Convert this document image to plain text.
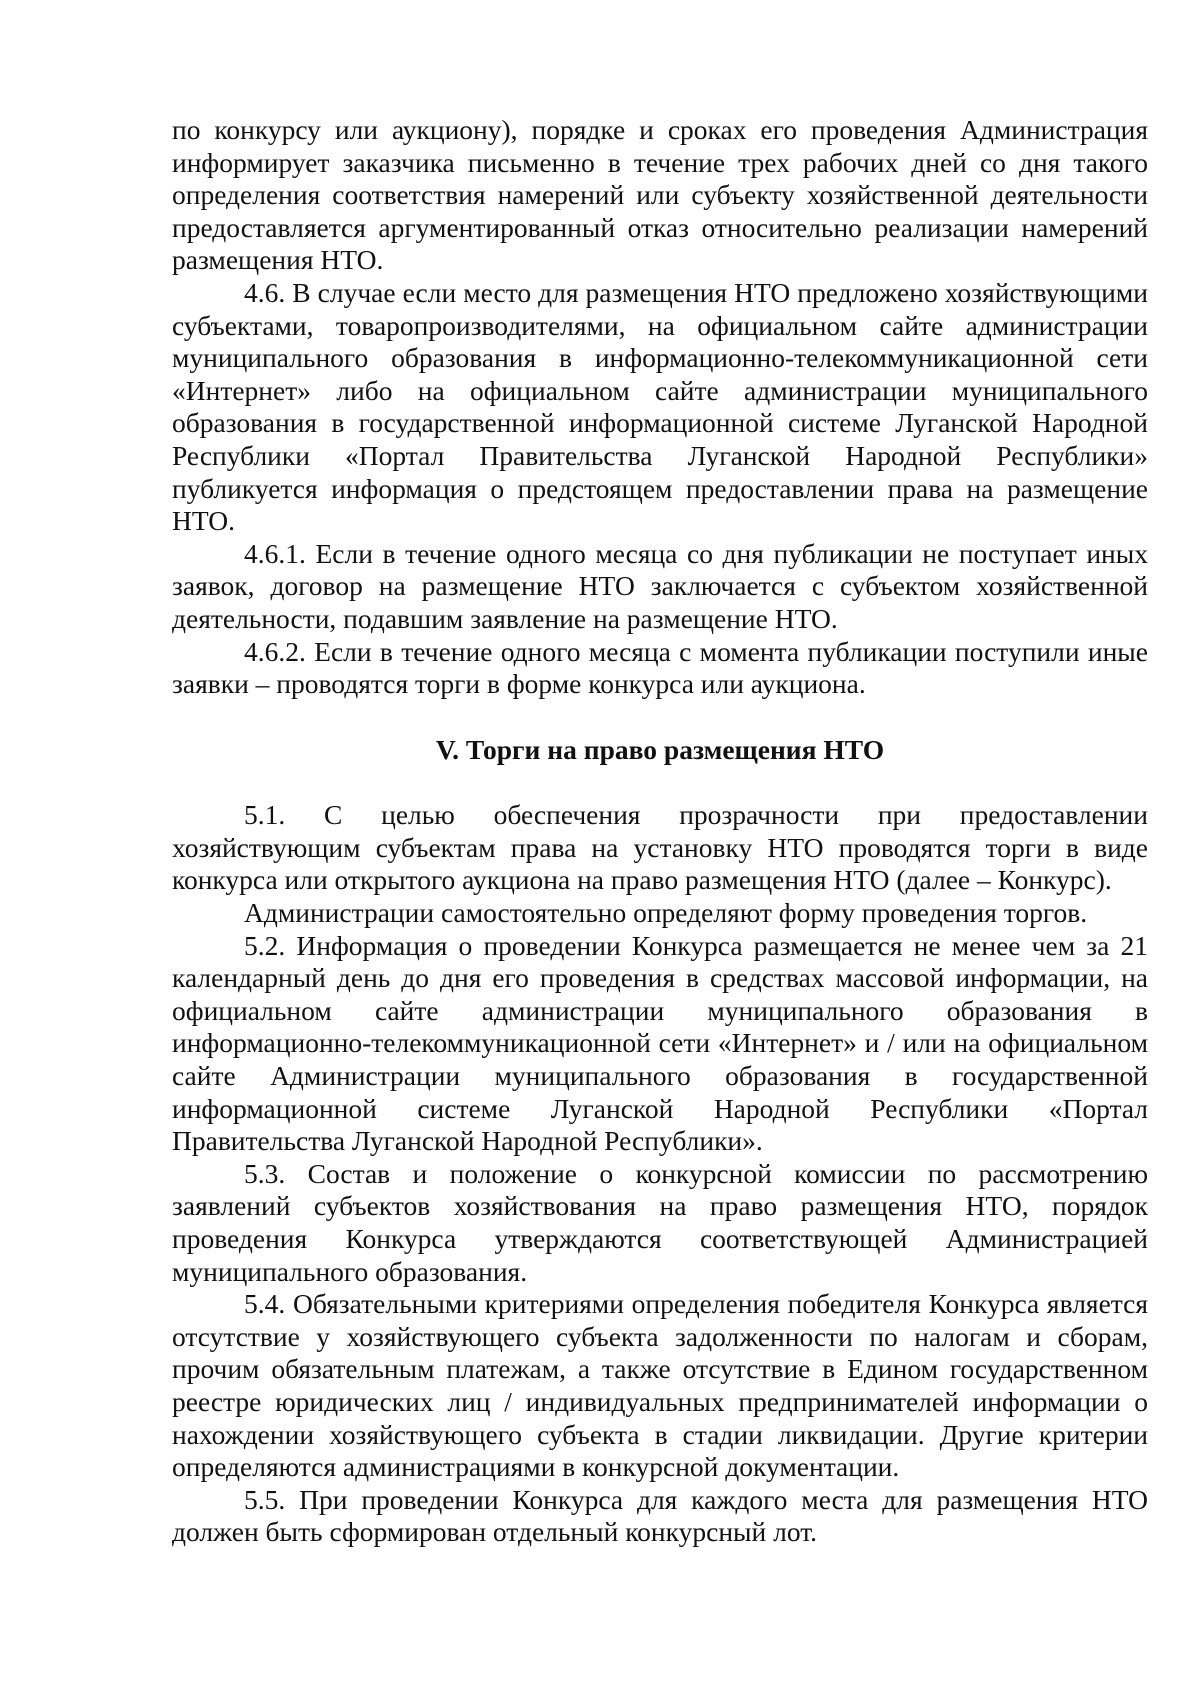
по конкурсу или аукциону), порядке и сроках его проведения Администрация информирует заказчика письменно в течение трех рабочих дней со дня такого определения соответствия намерений или субъекту хозяйственной деятельности предоставляется аргументированный отказ относительно реализации намерений размещения НТО.

4.6. В случае если место для размещения НТО предложено хозяйствующими субъектами, товаропроизводителями, на официальном сайте администрации муниципального образования в информационно-телекоммуникационной сети «Интернет» либо на официальном сайте администрации муниципального образования в государственной информационной системе Луганской Народной Республики «Портал Правительства Луганской Народной Республики» публикуется информация о предстоящем предоставлении права на размещение НТО.

4.6.1. Если в течение одного месяца со дня публикации не поступает иных заявок, договор на размещение НТО заключается с субъектом хозяйственной деятельности, подавшим заявление на размещение НТО.

4.6.2. Если в течение одного месяца с момента публикации поступили иные заявки – проводятся торги в форме конкурса или аукциона.

V. Торги на право размещения НТО

5.1. С целью обеспечения прозрачности при предоставлении хозяйствующим субъектам права на установку НТО проводятся торги в виде конкурса или открытого аукциона на право размещения НТО (далее – Конкурс).

Администрации самостоятельно определяют форму проведения торгов.

5.2. Информация о проведении Конкурса размещается не менее чем за 21 календарный день до дня его проведения в средствах массовой информации, на официальном сайте администрации муниципального образования в информационно-телекоммуникационной сети «Интернет» и / или на официальном сайте Администрации муниципального образования в государственной информационной системе Луганской Народной Республики «Портал Правительства Луганской Народной Республики».

5.3. Состав и положение о конкурсной комиссии по рассмотрению заявлений субъектов хозяйствования на право размещения НТО, порядок проведения Конкурса утверждаются соответствующей Администрацией муниципального образования.

5.4. Обязательными критериями определения победителя Конкурса является отсутствие у хозяйствующего субъекта задолженности по налогам и сборам, прочим обязательным платежам, а также отсутствие в Едином государственном реестре юридических лиц / индивидуальных предпринимателей информации о нахождении хозяйствующего субъекта в стадии ликвидации. Другие критерии определяются администрациями в конкурсной документации.

5.5. При проведении Конкурса для каждого места для размещения НТО должен быть сформирован отдельный конкурсный лот.
